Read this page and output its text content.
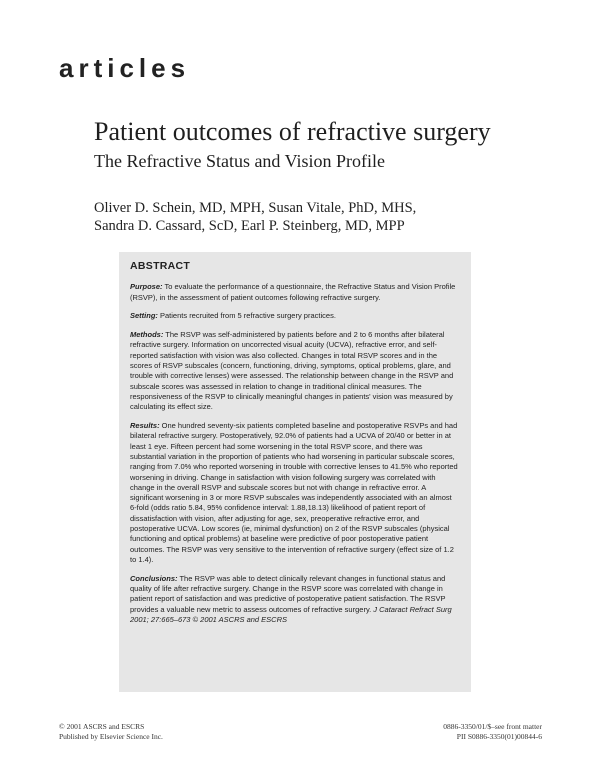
articles
Patient outcomes of refractive surgery
The Refractive Status and Vision Profile
Oliver D. Schein, MD, MPH, Susan Vitale, PhD, MHS,
Sandra D. Cassard, ScD, Earl P. Steinberg, MD, MPP
ABSTRACT

Purpose: To evaluate the performance of a questionnaire, the Refractive Status and Vision Profile (RSVP), in the assessment of patient outcomes following refractive surgery.

Setting: Patients recruited from 5 refractive surgery practices.

Methods: The RSVP was self-administered by patients before and 2 to 6 months after bilateral refractive surgery. Information on uncorrected visual acuity (UCVA), refractive error, and self-reported satisfaction with vision was also collected. Changes in total RSVP scores and in the scores of RSVP subscales (concern, functioning, driving, symptoms, optical problems, glare, and trouble with corrective lenses) were assessed. The relationship between change in the RSVP and subscale scores was assessed in relation to change in traditional clinical measures. The responsiveness of the RSVP to clinically meaningful changes in patients' vision was measured by calculating its effect size.

Results: One hundred seventy-six patients completed baseline and postoperative RSVPs and had bilateral refractive surgery. Postoperatively, 92.0% of patients had a UCVA of 20/40 or better in at least 1 eye. Fifteen percent had some worsening in the total RSVP score, and there was substantial variation in the proportion of patients who had worsening in particular subscale scores, ranging from 7.0% who reported worsening in trouble with corrective lenses to 41.5% who reported worsening in driving. Change in satisfaction with vision following surgery was correlated with change in the overall RSVP and subscale scores but not with change in refractive error. A significant worsening in 3 or more RSVP subscales was independently associated with an almost 6-fold (odds ratio 5.84, 95% confidence interval: 1.88,18.13) likelihood of patient report of dissatisfaction with vision, after adjusting for age, sex, preoperative refractive error, and postoperative UCVA. Low scores (ie, minimal dysfunction) on 2 of the RSVP subscales (physical functioning and optical problems) at baseline were predictive of poor postoperative patient outcomes. The RSVP was very sensitive to the intervention of refractive surgery (effect size of 1.2 to 1.4).

Conclusions: The RSVP was able to detect clinically relevant changes in functional status and quality of life after refractive surgery. Change in the RSVP score was correlated with change in patient report of satisfaction and was predictive of postoperative patient satisfaction. The RSVP provides a valuable new metric to assess outcomes of refractive surgery. J Cataract Refract Surg 2001; 27:665–673 © 2001 ASCRS and ESCRS

© 2001 ASCRS and ESCRS
Published by Elsevier Science Inc.
0886-3350/01/$–see front matter
PII S0886-3350(01)00844-6
